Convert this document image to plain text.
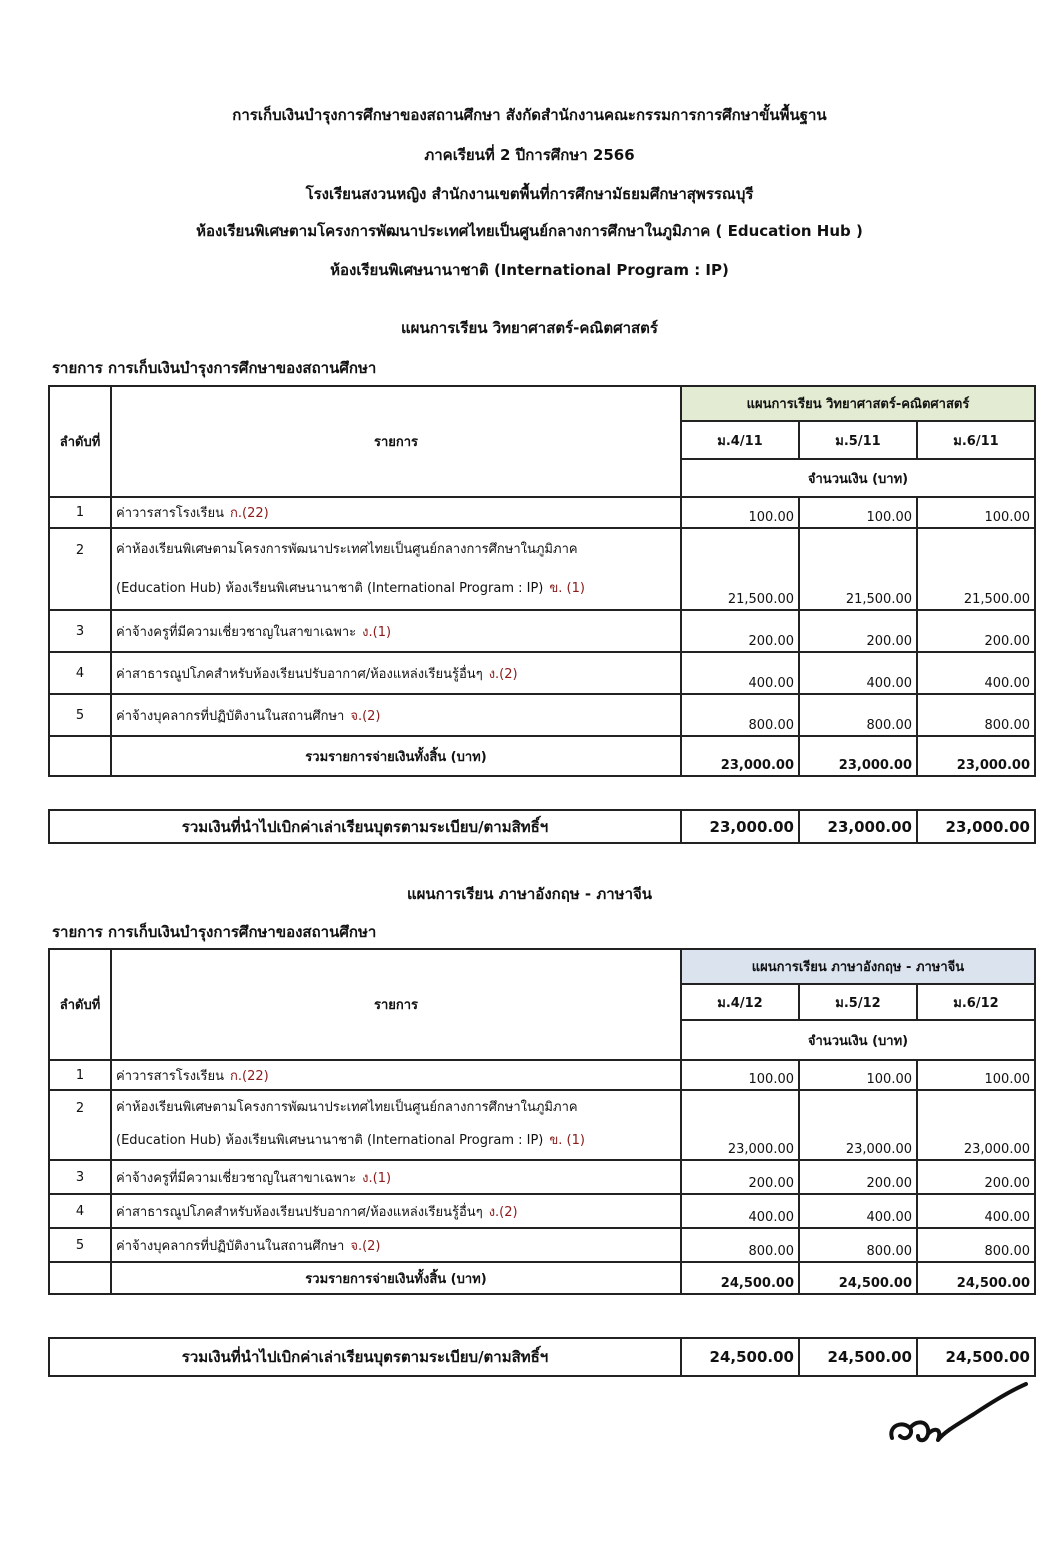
การเก็บเงินบำรุงการศึกษาของสถานศึกษา สังกัดสำนักงานคณะกรรมการการศึกษาขั้นพื้นฐาน
ภาคเรียนที่ 2 ปีการศึกษา 2566
โรงเรียนสงวนหญิง สำนักงานเขตพื้นที่การศึกษามัธยมศึกษาสุพรรณบุรี
ห้องเรียนพิเศษตามโครงการพัฒนาประเทศไทยเป็นศูนย์กลางการศึกษาในภูมิภาค ( Education Hub )
ห้องเรียนพิเศษนานาชาติ (International Program : IP)
แผนการเรียน วิทยาศาสตร์-คณิตศาสตร์
รายการ การเก็บเงินบำรุงการศึกษาของสถานศึกษา
ลำดับที่	รายการ	แผนการเรียน วิทยาศาสตร์-คณิตศาสตร์		
		ม.4/11	ม.5/11	ม.6/11
		จำนวนเงิน (บาท)		
1	ค่าวารสารโรงเรียน ก.(22)	100.00	100.00	100.00
2	ค่าห้องเรียนพิเศษตามโครงการพัฒนาประเทศไทยเป็นศูนย์กลางการศึกษาในภูมิภาค
(Education Hub) ห้องเรียนพิเศษนานาชาติ (International Program : IP) ข. (1)	21,500.00	21,500.00	21,500.00
3	ค่าจ้างครูที่มีความเชี่ยวชาญในสาขาเฉพาะ ง.(1)	200.00	200.00	200.00
4	ค่าสาธารณูปโภคสำหรับห้องเรียนปรับอากาศ/ห้องแหล่งเรียนรู้อื่นๆ ง.(2)	400.00	400.00	400.00
5	ค่าจ้างบุคลากรที่ปฏิบัติงานในสถานศึกษา จ.(2)	800.00	800.00	800.00
	รวมรายการจ่ายเงินทั้งสิ้น (บาท)	23,000.00	23,000.00	23,000.00
รวมเงินที่นำไปเบิกค่าเล่าเรียนบุตรตามระเบียบ/ตามสิทธิ์ฯ	23,000.00	23,000.00	23,000.00
แผนการเรียน ภาษาอังกฤษ - ภาษาจีน
รายการ การเก็บเงินบำรุงการศึกษาของสถานศึกษา
ลำดับที่	รายการ	แผนการเรียน ภาษาอังกฤษ - ภาษาจีน		
		ม.4/12	ม.5/12	ม.6/12
		จำนวนเงิน (บาท)		
1	ค่าวารสารโรงเรียน ก.(22)	100.00	100.00	100.00
2	ค่าห้องเรียนพิเศษตามโครงการพัฒนาประเทศไทยเป็นศูนย์กลางการศึกษาในภูมิภาค
(Education Hub) ห้องเรียนพิเศษนานาชาติ (International Program : IP) ข. (1)	23,000.00	23,000.00	23,000.00
3	ค่าจ้างครูที่มีความเชี่ยวชาญในสาขาเฉพาะ ง.(1)	200.00	200.00	200.00
4	ค่าสาธารณูปโภคสำหรับห้องเรียนปรับอากาศ/ห้องแหล่งเรียนรู้อื่นๆ ง.(2)	400.00	400.00	400.00
5	ค่าจ้างบุคลากรที่ปฏิบัติงานในสถานศึกษา จ.(2)	800.00	800.00	800.00
	รวมรายการจ่ายเงินทั้งสิ้น (บาท)	24,500.00	24,500.00	24,500.00
รวมเงินที่นำไปเบิกค่าเล่าเรียนบุตรตามระเบียบ/ตามสิทธิ์ฯ	24,500.00	24,500.00	24,500.00
